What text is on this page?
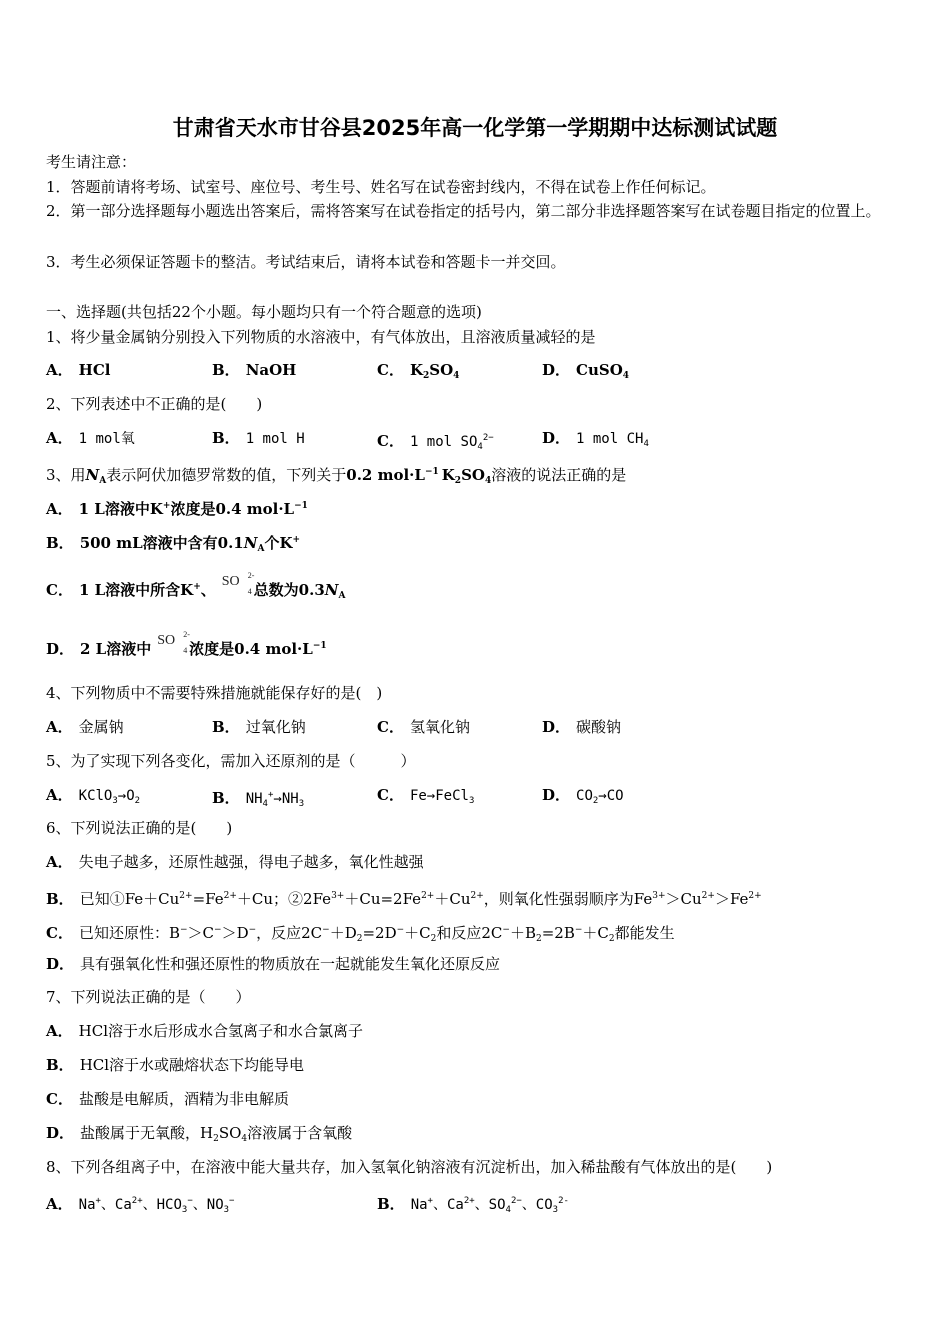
甘肃省天水市甘谷县2025年高一化学第一学期期中达标测试试题
考生请注意：
1．答题前请将考场、试室号、座位号、考生号、姓名写在试卷密封线内，不得在试卷上作任何标记。
2．第一部分选择题每小题选出答案后，需将答案写在试卷指定的括号内，第二部分非选择题答案写在试卷题目指定的位置上。
3．考生必须保证答题卡的整洁。考试结束后，请将本试卷和答题卡一并交回。
一、选择题(共包括22个小题。每小题均只有一个符合题意的选项)
1、将少量金属钠分别投入下列物质的水溶液中，有气体放出，且溶液质量减轻的是
A． HCl	B． NaOH	C． $K_2SO_4$	D． CuSO$_4$
2、下列表述中不正确的是(　　)
A． 1 mol氧	B． 1 mol H	C． 1 mol $SO_4^{2-}$	D． 1 mol $CH_4$
3、用$N_A$表示阿伏加德罗常数的值，下列关于0.2 $mol\cdot L^{-1}$ $K_2SO_4$溶液的说法正确的是
A． 1 L溶液中K+浓度是0.4 $mol\cdot L^{-1}$
B． 500 mL溶液中含有$0.1N_A$个K+
C． 1 L溶液中所含K+、 SO 2-
4 总数为$0.3N_A$
D． 2 L溶液中 SO 2-
4 浓度是0.4 $mol\cdot L^{-1}$
4、下列物质中不需要特殊措施就能保存好的是(　)
A． 金属钠	B． 过氧化钠	C． 氢氧化钠	D． 碳酸钠
5、为了实现下列各变化，需加入还原剂的是（　　　）
A． $KClO_3\to O_2$	B． $NH_4^+\to NH_3$	C． Fe→FeCl$_3$	D． $CO_2\to CO$
6、下列说法正确的是(　　)
A． 失电子越多，还原性越强，得电子越多，氧化性越强
B． 已知$①Fe+Cu^{2+}=Fe^{2+}+Cu$；$②2Fe^{3+}+Cu=2Fe^{2+}+Cu^{2+}$，则氧化性强弱顺序为$Fe^{3+}>Cu^{2+}>Fe^{2+}$
C． 已知还原性：B−＞C−＞D−，反应$2C^-+D_2=2D^-+C_2$和反应$2C^-+B_2=2B^-+C_2$都能发生
D． 具有强氧化性和强还原性的物质放在一起就能发生氧化还原反应
7、下列说法正确的是（　　）
A． HCl溶于水后形成水合氢离子和水合氯离子
B． HCl溶于水或融熔状态下均能导电
C． 盐酸是电解质，酒精为非电解质
D． 盐酸属于无氧酸，$H_2SO_4$溶液属于含氧酸
8、下列各组离子中，在溶液中能大量共存，加入氢氧化钠溶液有沉淀析出，加入稀盐酸有气体放出的是(　　)
A． Na+、$Ca^{2+}$、$HCO_3^-$、$NO_3^-$	B． Na+、$Ca^{2+}$、$SO_4^{2-}$、$CO_3^{2-}$
